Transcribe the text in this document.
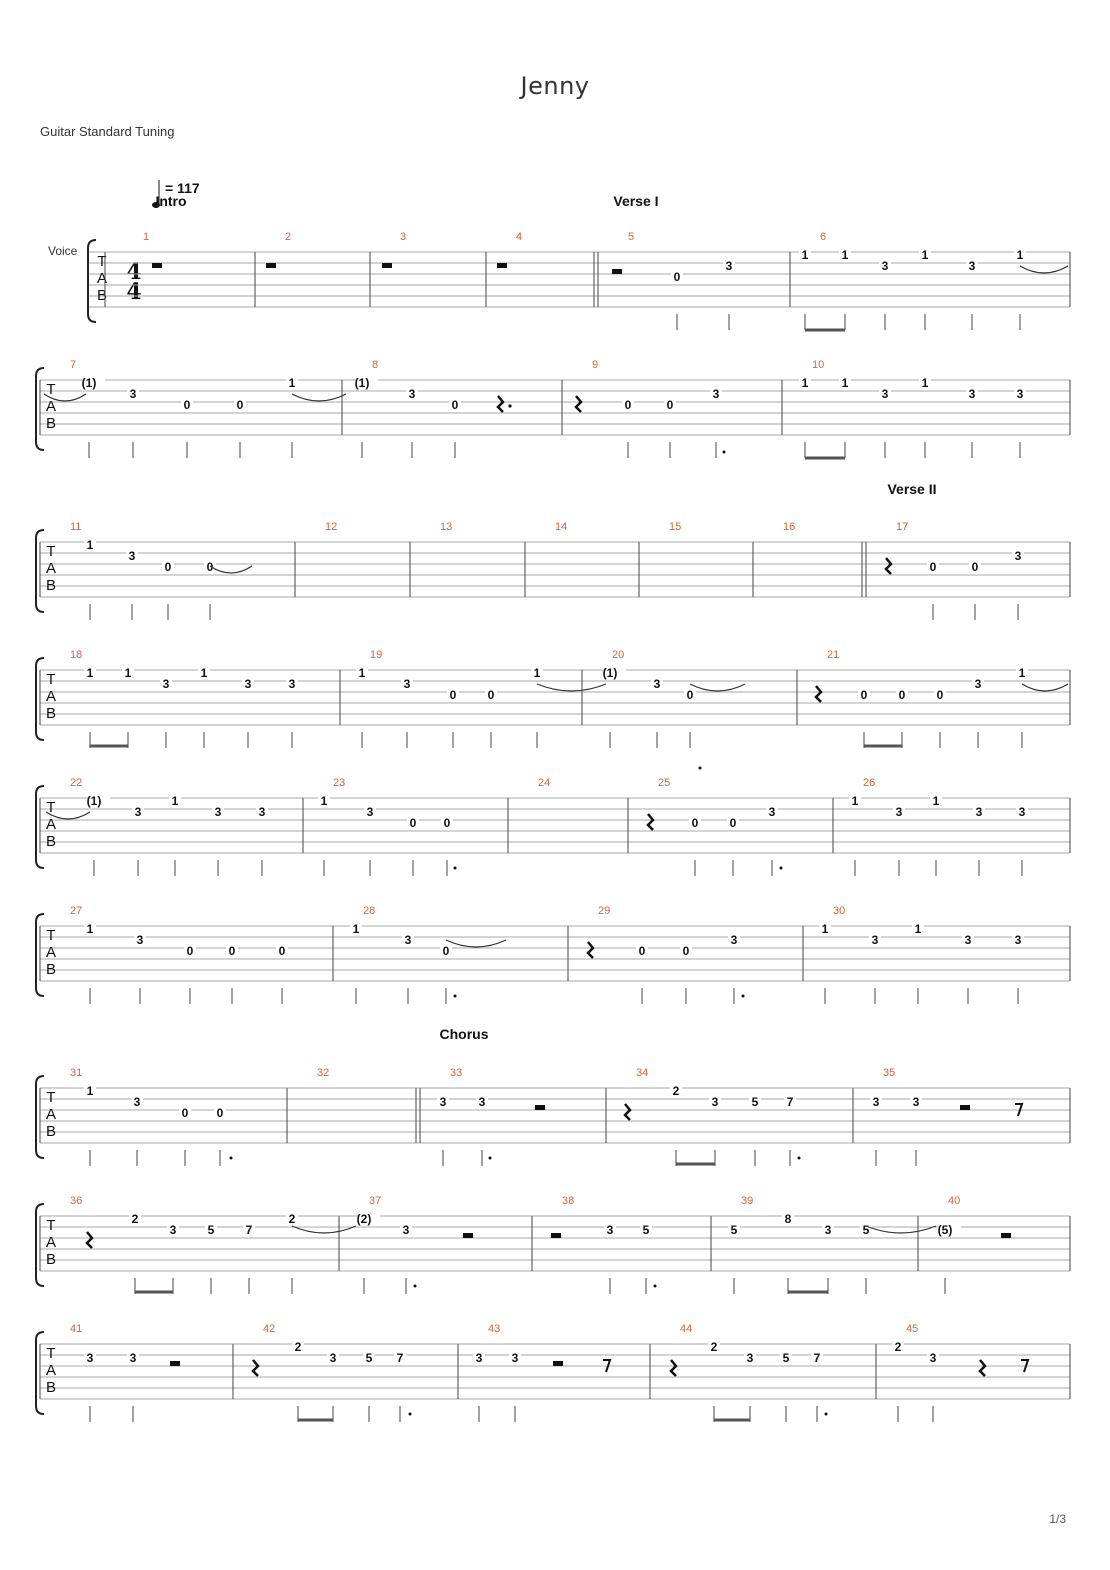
Jenny
Guitar Standard Tuning
1/3
= 117
Voice
4
4
Intro	Verse I
Verse II
Chorus
T
A
B
1	2	3	4	5
0
3
6
1	1
3
1
3
1
T
A
B
7
(1)
3
0	0
1
8
(1)
3
0
9
0	0
3
10
1	1
3
1
3	3
T
A
B
11
1
3
0	0
12	13	14	15	16	17
0	0
3
T
A
B
18
1	1
3
1
3	3
19
1
3
0	0
1
20
(1)
3
0
21
0	0	0
3
1
T
A
B
22
(1)
3
1
3	3
23
1
3
0 0
24	25
0	0
3
26
1
3
1
3	3
T
A
B
27
1
3
0	0	0
28
1
3
0
29
0	0
3
30
1
3
1
3	3
T
A
B
31
1
3
0 0
32	33
3	3
34
2
3	5 7
35
3	3
T
A
B
36
2
3	5	7
2
37
(2)
3
38
3 5
39
5
8
3	5
40
(5)
T
A
B
41
3	3
42
2
3 5 7
43
3 3
44
2
3 5 7
45
2
3
